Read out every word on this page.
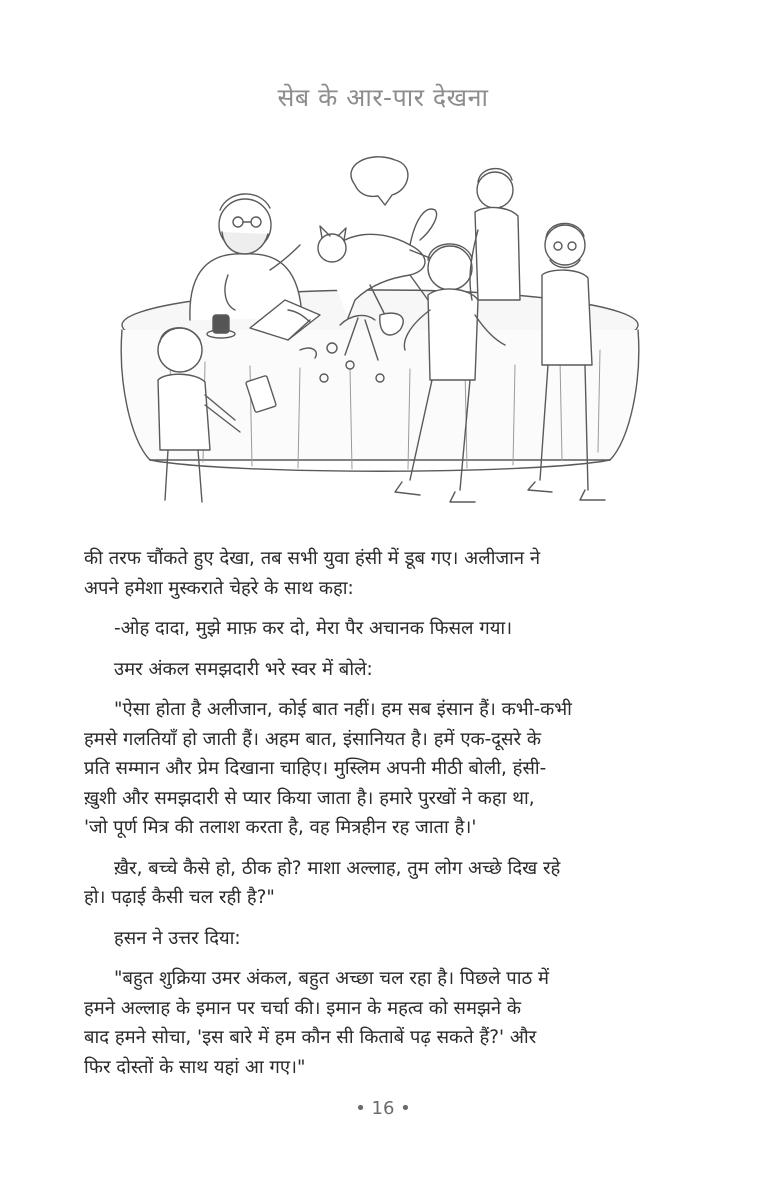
सेब के आर-पार देखना

की तरफ चौंकते हुए देखा, तब सभी युवा हंसी में डूब गए। अलीजान ने
अपने हमेशा मुस्कराते चेहरे के साथ कहा:

-ओह दादा, मुझे माफ़ कर दो, मेरा पैर अचानक फिसल गया।

उमर अंकल समझदारी भरे स्वर में बोले:

"ऐसा होता है अलीजान, कोई बात नहीं। हम सब इंसान हैं। कभी-कभी
हमसे गलतियाँ हो जाती हैं। अहम बात, इंसानियत है। हमें एक-दूसरे के
प्रति सम्मान और प्रेम दिखाना चाहिए। मुस्लिम अपनी मीठी बोली, हंसी-
ख़ुशी और समझदारी से प्यार किया जाता है। हमारे पुरखों ने कहा था,
'जो पूर्ण मित्र की तलाश करता है, वह मित्रहीन रह जाता है।'

ख़ैर, बच्चे कैसे हो, ठीक हो? माशा अल्लाह, तुम लोग अच्छे दिख रहे
हो। पढ़ाई कैसी चल रही है?"

हसन ने उत्तर दिया:

"बहुत शुक्रिया उमर अंकल, बहुत अच्छा चल रहा है। पिछले पाठ में
हमने अल्लाह के इमान पर चर्चा की। इमान के महत्व को समझने के
बाद हमने सोचा, 'इस बारे में हम कौन सी किताबें पढ़ सकते हैं?' और
फिर दोस्तों के साथ यहां आ गए।"

• 16 •
